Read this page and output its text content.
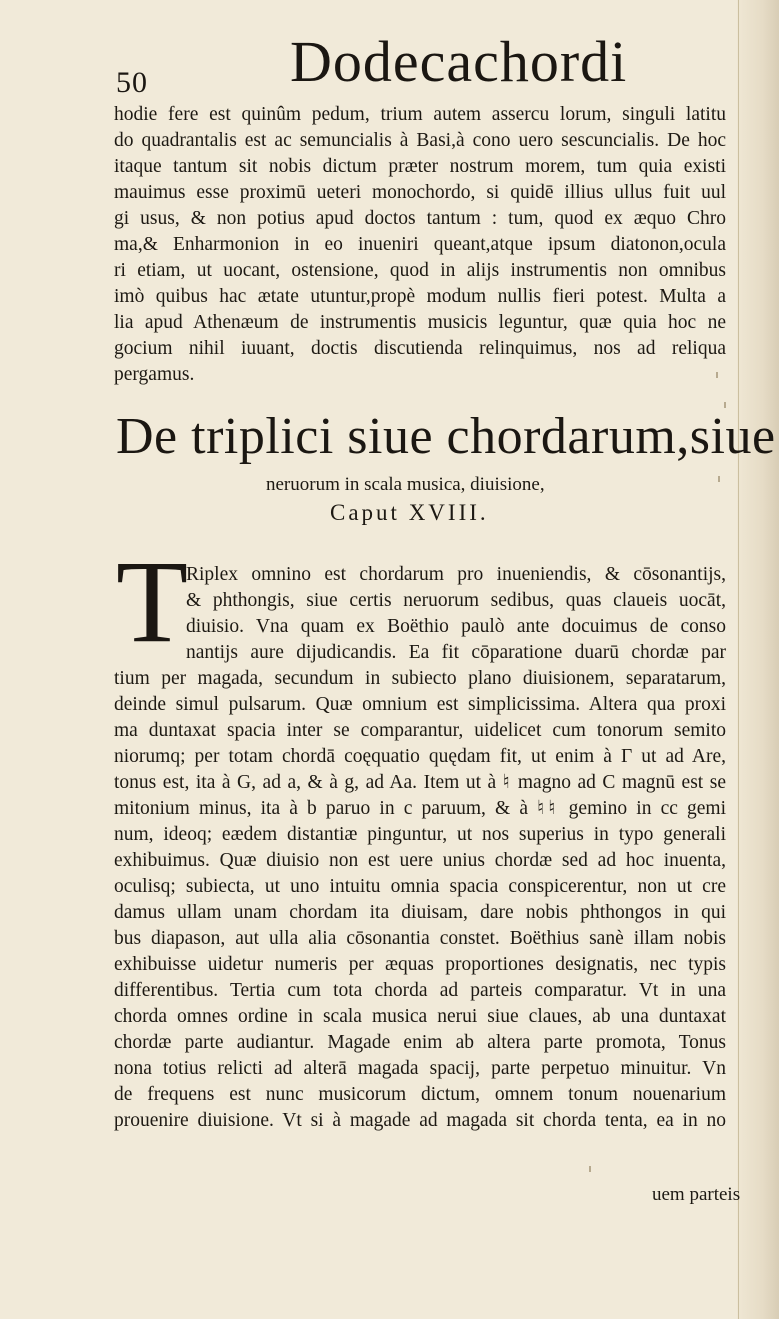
50 Dodecachordi
hodie fere est quinûm pedum, trium autem assercu lorum, singuli latitu
do quadrantalis est ac semuncialis à Basi,à cono uero sescuncialis. De hoc
itaque tantum sit nobis dictum præter nostrum morem, tum quia existi
mauimus esse proximū ueteri monochordo, si quidē illius ullus fuit uul
gi usus, & non potius apud doctos tantum : tum, quod ex æquo Chro
ma,& Enharmonion in eo inueniri queant,atque ipsum diatonon,ocula
ri etiam, ut uocant, ostensione, quod in alijs instrumentis non omnibus
imò quibus hac ætate utuntur,propè modum nullis fieri potest. Multa a
lia apud Athenæum de instrumentis musicis leguntur, quæ quia hoc ne
gocium nihil iuuant, doctis discutienda relinquimus, nos ad reliqua
pergamus.
De triplici siue chordarum,siue
neruorum in scala musica, diuisione,
Caput XVIII.
T
Riplex omnino est chordarum pro inueniendis, & cōsonantijs,
& phthongis, siue certis neruorum sedibus, quas claueis uocāt,
diuisio. Vna quam ex Boëthio paulò ante docuimus de conso
nantijs aure dijudicandis. Ea fit cōparatione duarū chordæ par
tium per magada, secundum in subiecto plano diuisionem, separatarum,
deinde simul pulsarum. Quæ omnium est simplicissima. Altera qua proxi
ma duntaxat spacia inter se comparantur, uidelicet cum tonorum semito
niorumq; per totam chordā coęquatio quędam fit, ut enim à Γ ut ad Are,
tonus est, ita à G, ad a, & à g, ad Aa. Item ut à ♮ magno ad C magnū est se
mitonium minus, ita à b paruo in c paruum, & à ♮♮ gemino in cc gemi
num, ideoq; eædem distantiæ pinguntur, ut nos superius in typo generali
exhibuimus. Quæ diuisio non est uere unius chordæ sed ad hoc inuenta,
oculisq; subiecta, ut uno intuitu omnia spacia conspicerentur, non ut cre
damus ullam unam chordam ita diuisam, dare nobis phthongos in qui
bus diapason, aut ulla alia cōsonantia constet. Boëthius sanè illam nobis
exhibuisse uidetur numeris per æquas proportiones designatis, nec typis
differentibus. Tertia cum tota chorda ad parteis comparatur. Vt in una
chorda omnes ordine in scala musica nerui siue claues, ab una duntaxat
chordæ parte audiantur. Magade enim ab altera parte promota, Tonus
nona totius relicti ad alterā magada spacij, parte perpetuo minuitur. Vn
de frequens est nunc musicorum dictum, omnem tonum nouenarium
prouenire diuisione. Vt si à magade ad magada sit chorda tenta, ea in no
uem parteis
